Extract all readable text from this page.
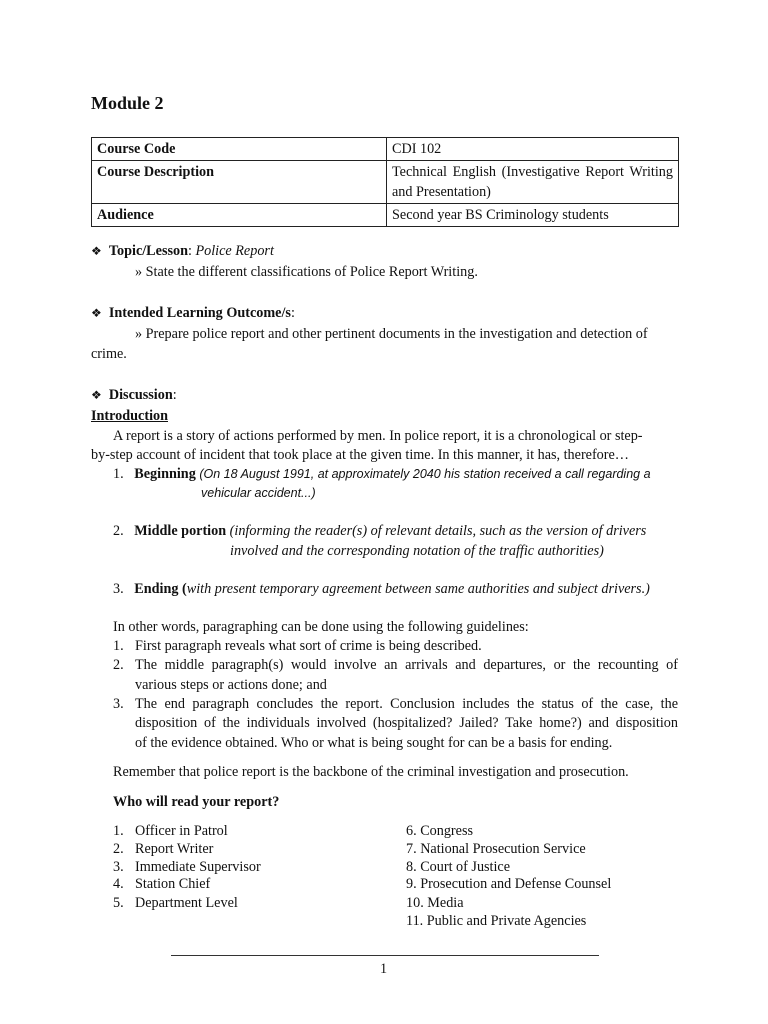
Module 2
Course Code	CDI 102
Course Description	Technical English (Investigative Report Writing and Presentation)
Audience	Second year BS Criminology students
❖ Topic/Lesson: Police Report
» State the different classifications of Police Report Writing.
❖ Intended Learning Outcome/s:
» Prepare police report and other pertinent documents in the investigation and detection of
crime.
❖ Discussion:
Introduction
A report is a story of actions performed by men. In police report, it is a chronological or step-
by-step account of incident that took place at the given time. In this manner, it has, therefore…
1. Beginning (On 18 August 1991, at approximately 2040 his station received a call regarding a
vehicular accident...)
2. Middle portion (informing the reader(s) of relevant details, such as the version of drivers
involved and the corresponding notation of the traffic authorities)
3. Ending (with present temporary agreement between same authorities and subject drivers.)
In other words, paragraphing can be done using the following guidelines:
1. First paragraph reveals what sort of crime is being described.
2. The middle paragraph(s) would involve an arrivals and departures, or the recounting of
various steps or actions done; and
3. The end paragraph concludes the report. Conclusion includes the status of the case, the
disposition of the individuals involved (hospitalized? Jailed? Take home?) and disposition
of the evidence obtained. Who or what is being sought for can be a basis for ending.
Remember that police report is the backbone of the criminal investigation and prosecution.
Who will read your report?
1. Officer in Patrol
2. Report Writer
3. Immediate Supervisor
4. Station Chief
5. Department Level
6. Congress
7. National Prosecution Service
8. Court of Justice
9. Prosecution and Defense Counsel
10. Media
11. Public and Private Agencies
1
